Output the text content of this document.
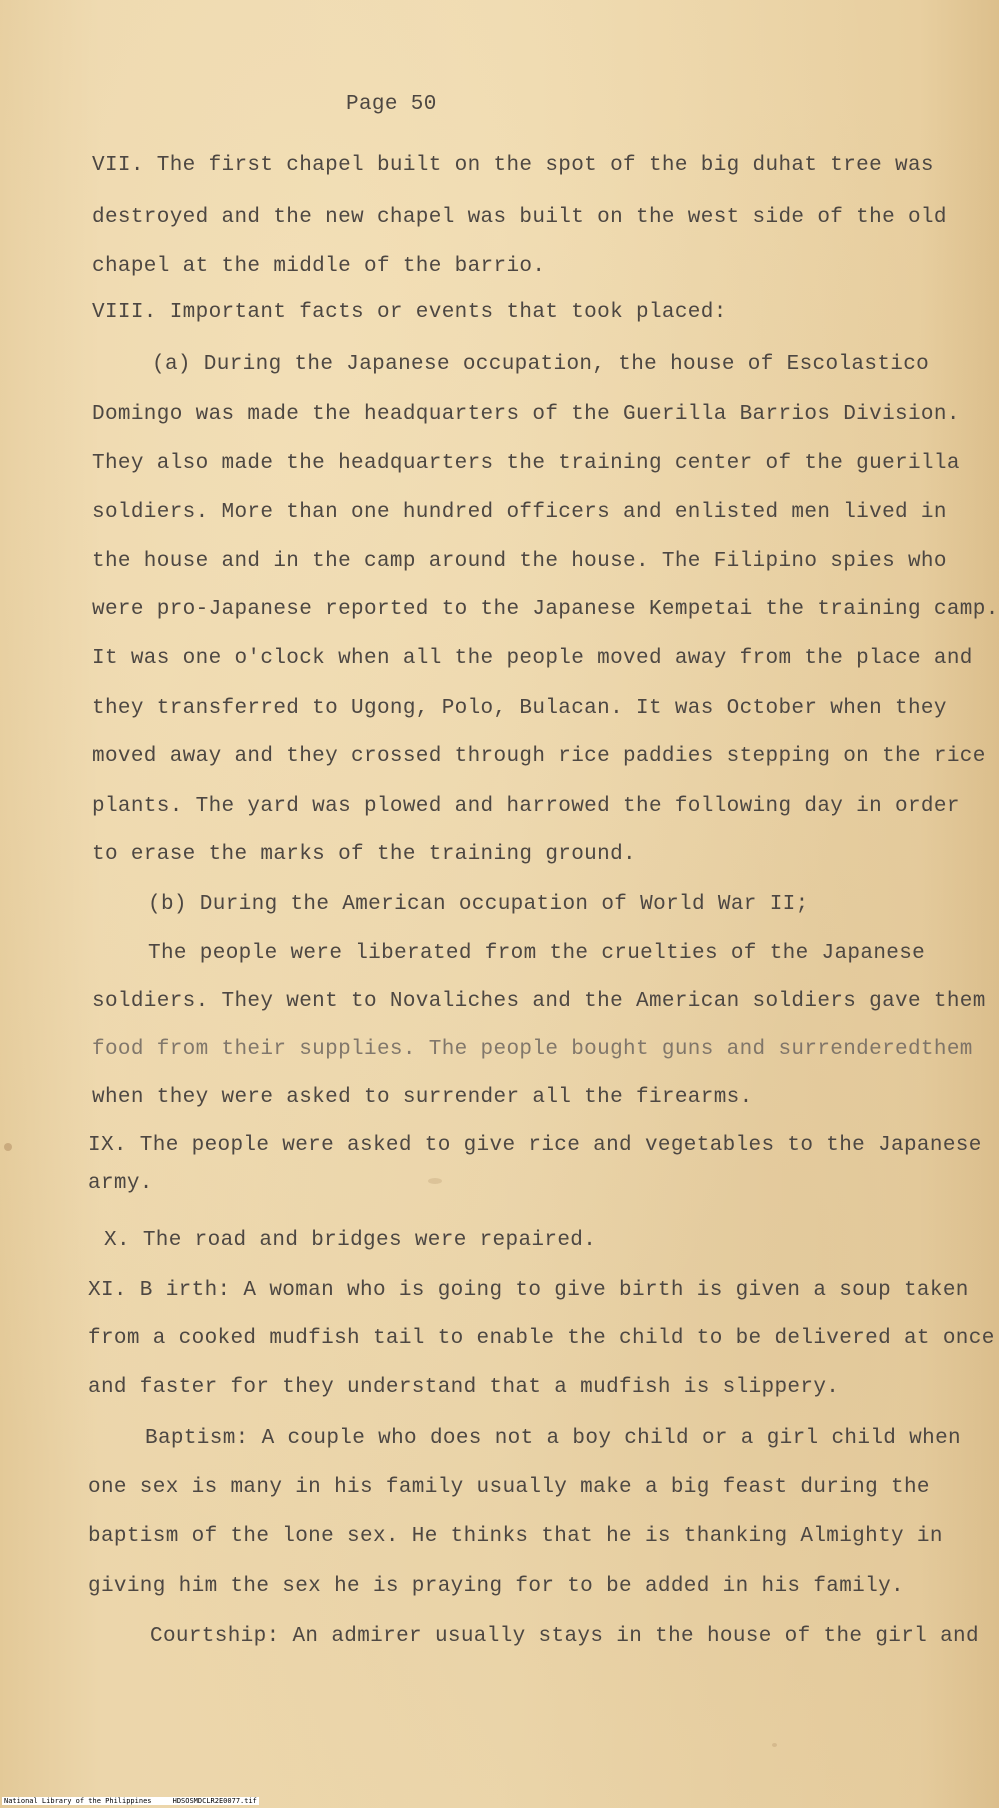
Page 50
VII. The first chapel built on the spot of the big duhat tree was
destroyed and the new chapel was built on the west side of the old
chapel at the middle of the barrio.
VIII. Important facts or events that took placed:
(a) During the Japanese occupation, the house of Escolastico
Domingo was made the headquarters of the Guerilla Barrios Division.
They also made the headquarters the training center of the guerilla
soldiers. More than one hundred officers and enlisted men lived in
the house and in the camp around the house. The Filipino spies who
were pro-Japanese reported to the Japanese Kempetai the training camp.
It was one o'clock when all the people moved away from the place and
they transferred to Ugong, Polo, Bulacan. It was October when they
moved away and they crossed through rice paddies stepping on the rice
plants. The yard was plowed and harrowed the following day in order
to erase the marks of the training ground.
(b) During the American occupation of World War II;
The people were liberated from the cruelties of the Japanese
soldiers. They went to Novaliches and the American soldiers gave them
food from their supplies. The people bought guns and surrenderedthem
when they were asked to surrender all the firearms.
IX. The people were asked to give rice and vegetables to the Japanese
army.
X. The road and bridges were repaired.
XI. B irth: A woman who is going to give birth is given a soup taken
from a cooked mudfish tail to enable the child to be delivered at once
and faster for they understand that a mudfish is slippery.
Baptism: A couple who does not a boy child or a girl child when
one sex is many in his family usually make a big feast during the
baptism of the lone sex. He thinks that he is thanking Almighty in
giving him the sex he is praying for to be added in his family.
Courtship: An admirer usually stays in the house of the girl and
National Library of the Philippines	HDSOSMDCLR2E0077.tif
